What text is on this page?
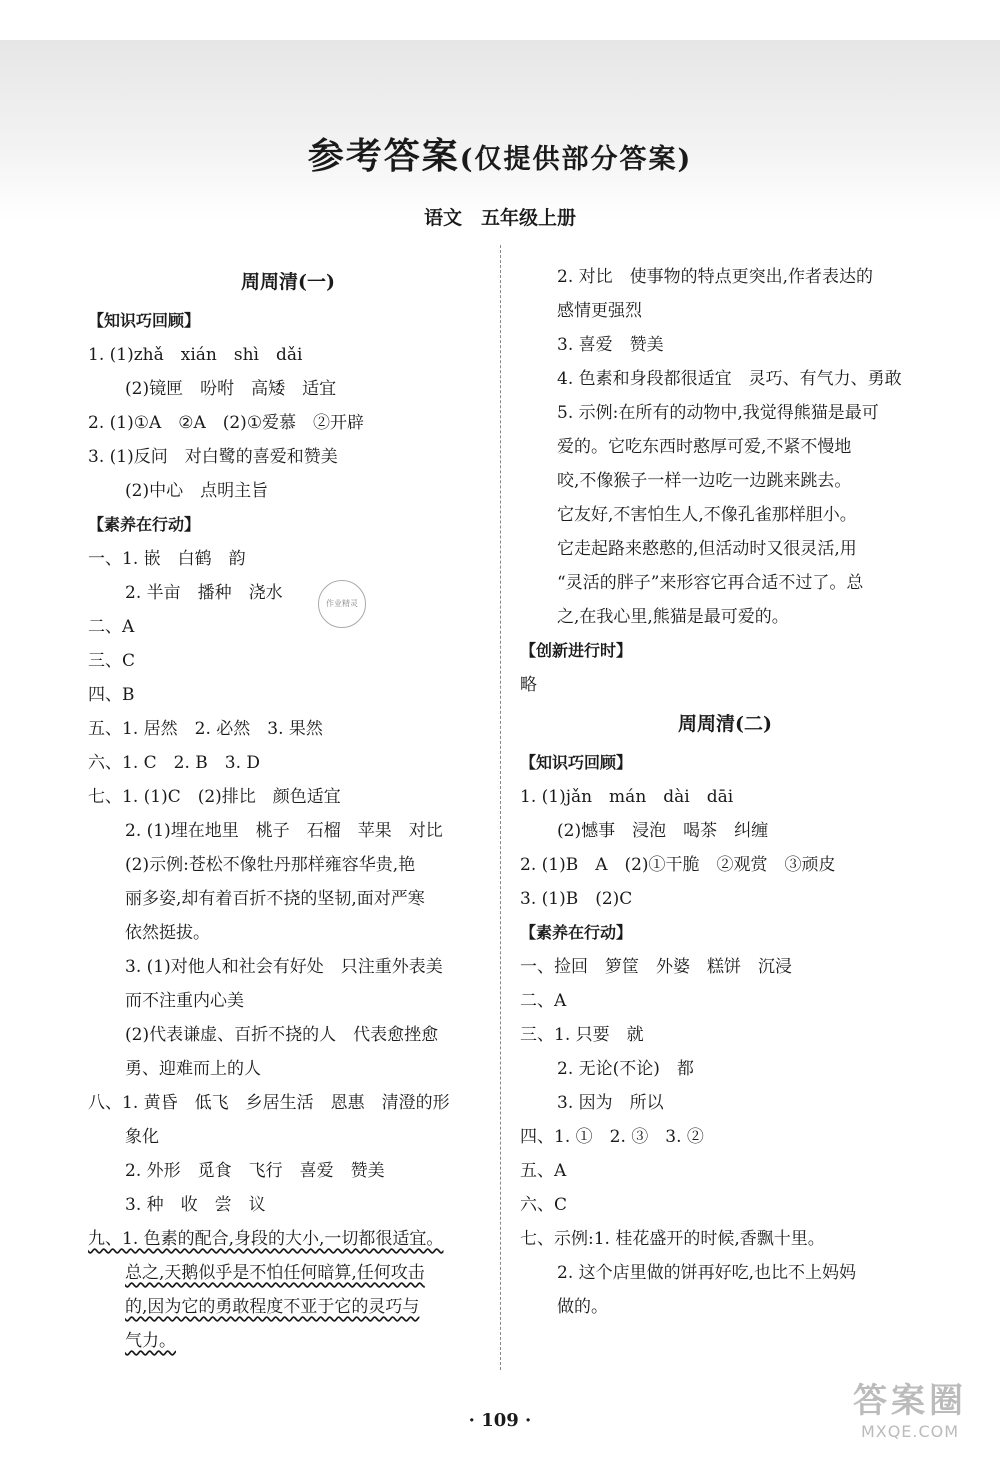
参考答案(仅提供部分答案)
语文　五年级上册
周周清(一)
【知识巧回顾】
1. (1)zhǎ　xián　shì　dǎi
(2)镜匣　吩咐　高矮　适宜
2. (1)①A　②A　(2)①爱慕　②开辟
3. (1)反问　对白鹭的喜爱和赞美
(2)中心　点明主旨
【素养在行动】
一、1. 嵌　白鹤　韵
2. 半亩　播种　浇水
二、A
三、C
四、B
五、1. 居然　2. 必然　3. 果然
六、1. C　2. B　3. D
七、1. (1)C　(2)排比　颜色适宜
2. (1)埋在地里　桃子　石榴　苹果　对比
(2)示例:苍松不像牡丹那样雍容华贵,艳
丽多姿,却有着百折不挠的坚韧,面对严寒
依然挺拔。
3. (1)对他人和社会有好处　只注重外表美
而不注重内心美
(2)代表谦虚、百折不挠的人　代表愈挫愈
勇、迎难而上的人
八、1. 黄昏　低飞　乡居生活　恩惠　清澄的形
象化
2. 外形　觅食　飞行　喜爱　赞美
3. 种　收　尝　议
九、1. 色素的配合,身段的大小,一切都很适宜。
总之,天鹅似乎是不怕任何暗算,任何攻击
的,因为它的勇敢程度不亚于它的灵巧与
气力。
2. 对比　使事物的特点更突出,作者表达的
感情更强烈
3. 喜爱　赞美
4. 色素和身段都很适宜　灵巧、有气力、勇敢
5. 示例:在所有的动物中,我觉得熊猫是最可
爱的。它吃东西时憨厚可爱,不紧不慢地
咬,不像猴子一样一边吃一边跳来跳去。
它友好,不害怕生人,不像孔雀那样胆小。
它走起路来憨憨的,但活动时又很灵活,用
“灵活的胖子”来形容它再合适不过了。总
之,在我心里,熊猫是最可爱的。
【创新进行时】
略
周周清(二)
【知识巧回顾】
1. (1)jǎn　mán　dài　dāi
(2)憾事　浸泡　喝茶　纠缠
2. (1)B　A　(2)①干脆　②观赏　③顽皮
3. (1)B　(2)C
【素养在行动】
一、捡回　箩筐　外婆　糕饼　沉浸
二、A
三、1. 只要　就
2. 无论(不论)　都
3. 因为　所以
四、1. ①　2. ③　3. ②
五、A
六、C
七、示例:1. 桂花盛开的时候,香飘十里。
2. 这个店里做的饼再好吃,也比不上妈妈
做的。
作业精灵
· 109 ·	答案圈
MXQE.COM
